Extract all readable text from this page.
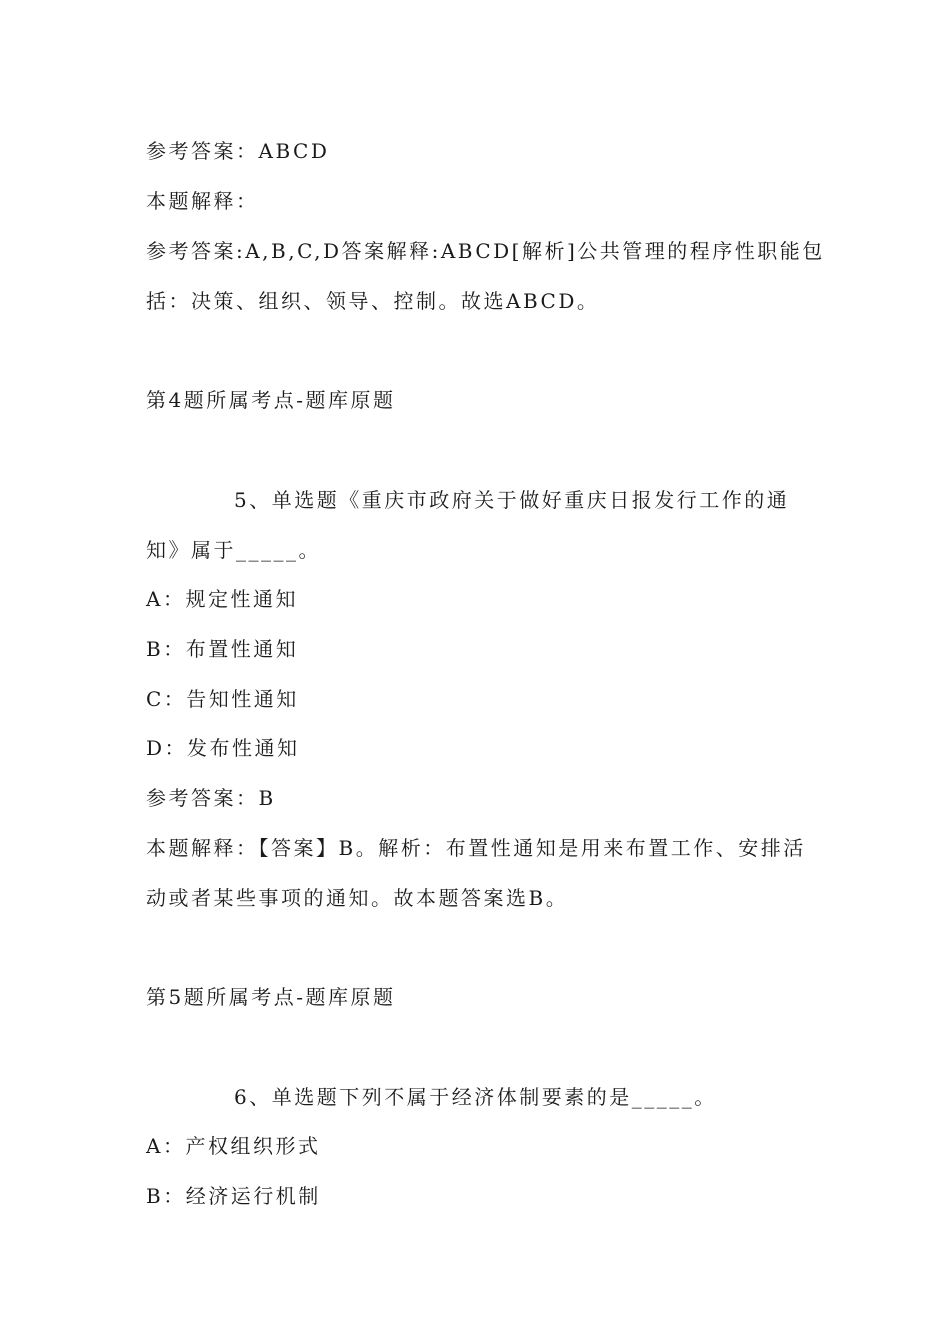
参考答案：ABCD
本题解释：
参考答案:A,B,C,D答案解释:ABCD[解析]公共管理的程序性职能包
括：决策、组织、领导、控制。故选ABCD。
第4题所属考点-题库原题
5、单选题《重庆市政府关于做好重庆日报发行工作的通
知》属于_____。
A：规定性通知
B：布置性通知
C：告知性通知
D：发布性通知
参考答案：B
本题解释：【答案】B。解析：布置性通知是用来布置工作、安排活
动或者某些事项的通知。故本题答案选B。
第5题所属考点-题库原题
6、单选题下列不属于经济体制要素的是_____。
A：产权组织形式
B：经济运行机制
